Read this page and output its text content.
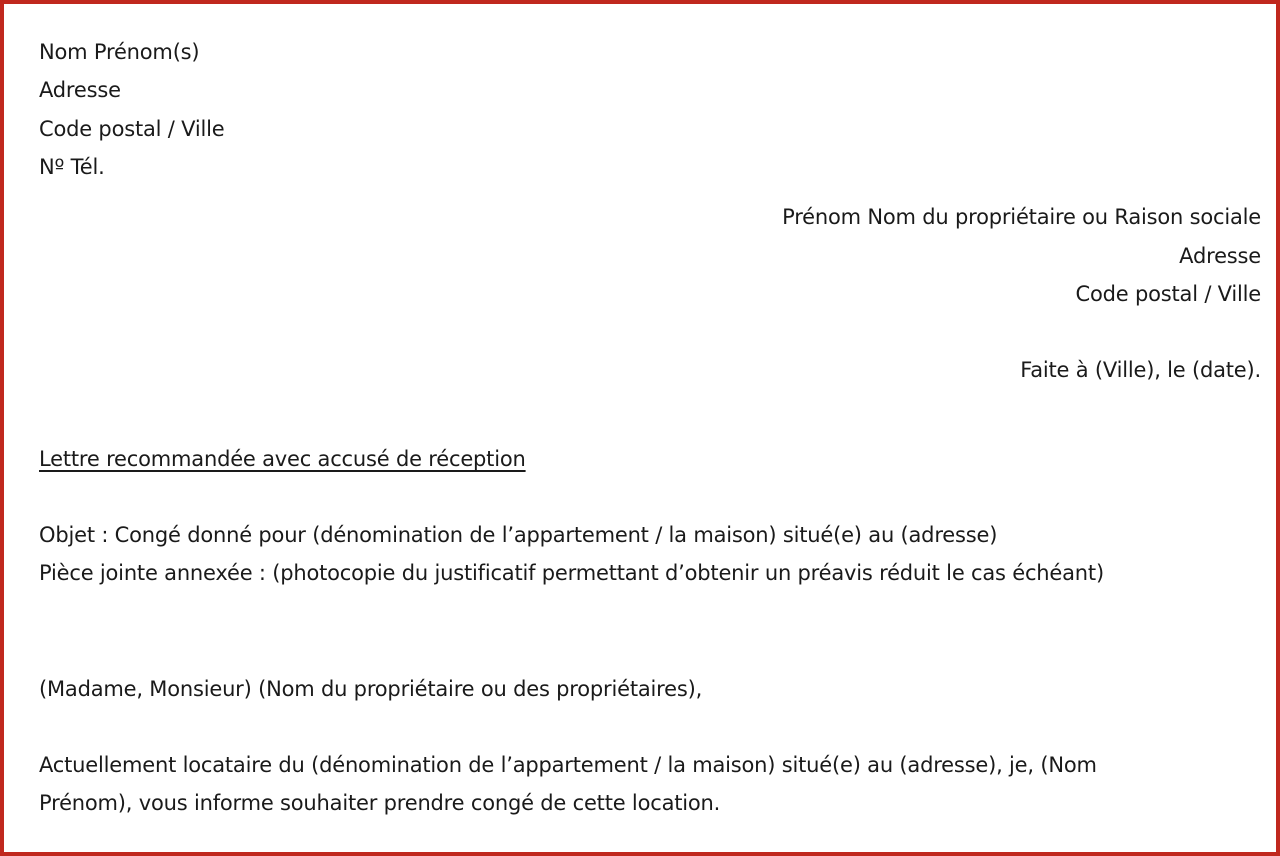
Nom Prénom(s)
Adresse
Code postal / Ville
Nº Tél.
Prénom Nom du propriétaire ou Raison sociale
Adresse
Code postal / Ville
Faite à (Ville), le (date).
Lettre recommandée avec accusé de réception
Objet : Congé donné pour (dénomination de l’appartement / la maison) situé(e) au (adresse)
Pièce jointe annexée : (photocopie du justificatif permettant d’obtenir un préavis réduit le cas échéant)
(Madame, Monsieur) (Nom du propriétaire ou des propriétaires),
Actuellement locataire du (dénomination de l’appartement / la maison) situé(e) au (adresse), je, (Nom
Prénom), vous informe souhaiter prendre congé de cette location.
